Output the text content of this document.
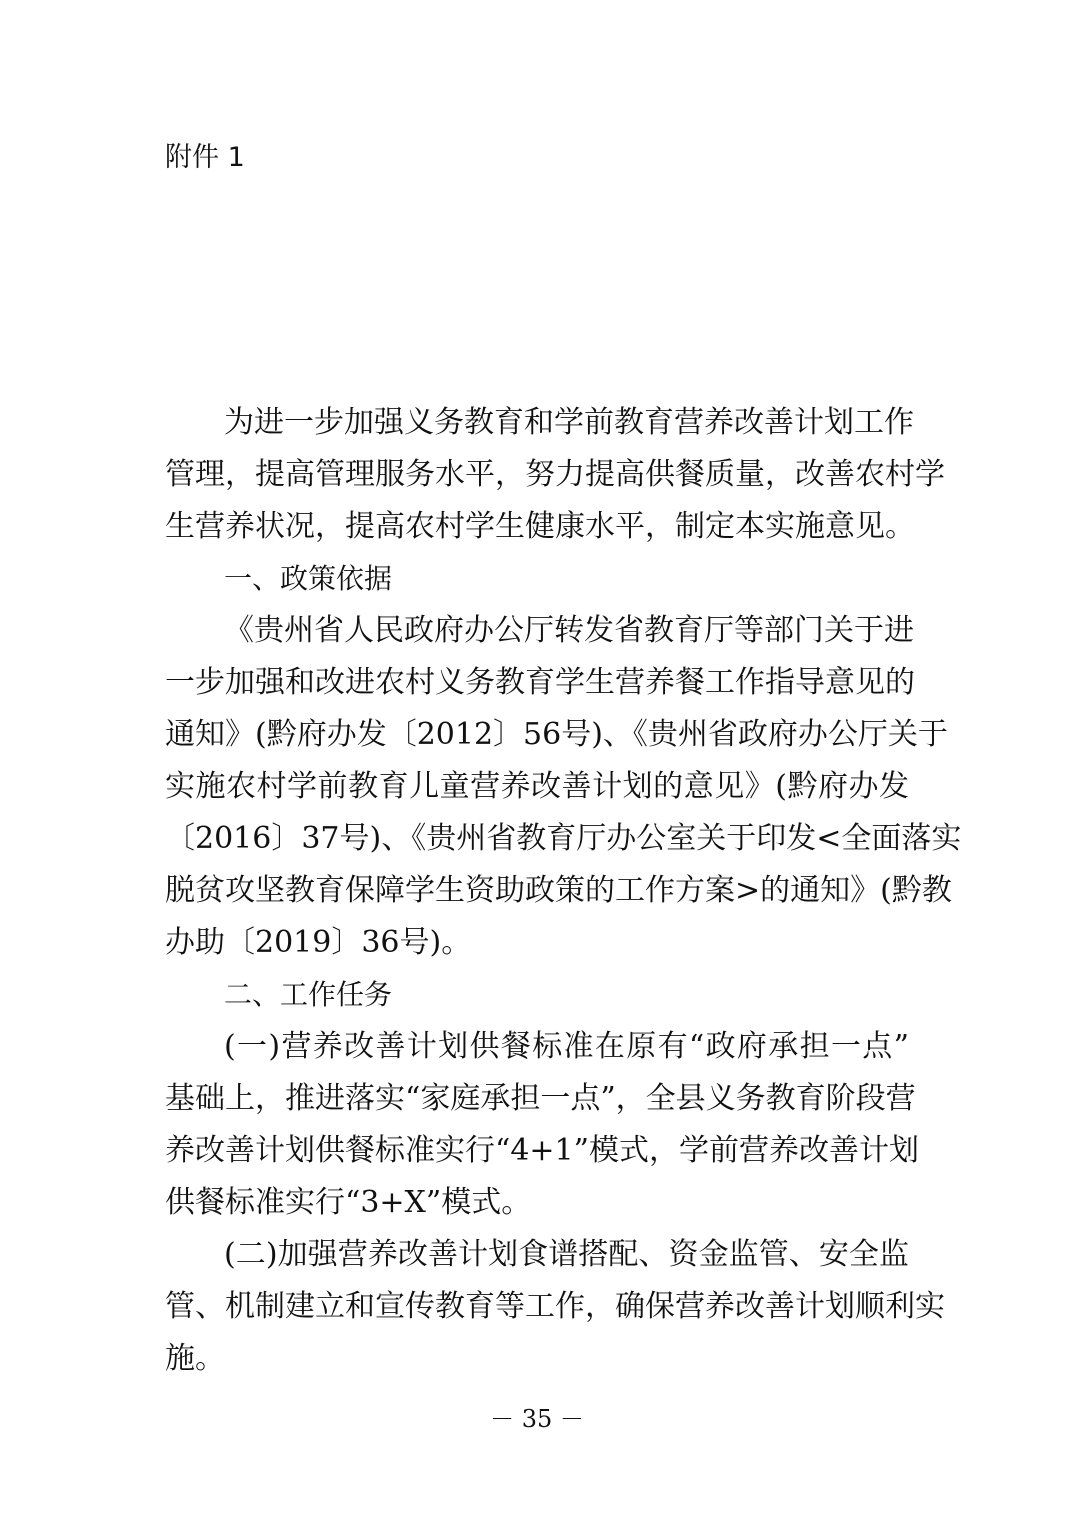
附件 1
为进一步加强义务教育和学前教育营养改善计划工作
管理，提高管理服务水平，努力提高供餐质量，改善农村学
生营养状况，提高农村学生健康水平，制定本实施意见。
一、政策依据
《贵州省人民政府办公厅转发省教育厅等部门关于进
一步加强和改进农村义务教育学生营养餐工作指导意见的
通知》(黔府办发〔2012〕56号)、《贵州省政府办公厅关于
实施农村学前教育儿童营养改善计划的意见》(黔府办发
〔2016〕37号)、《贵州省教育厅办公室关于印发<全面落实
脱贫攻坚教育保障学生资助政策的工作方案>的通知》(黔教
办助〔2019〕36号)。
二、工作任务
(一)营养改善计划供餐标准在原有“政府承担一点”
基础上，推进落实“家庭承担一点”，全县义务教育阶段营
养改善计划供餐标准实行“4+1”模式，学前营养改善计划
供餐标准实行“3+X”模式。
(二)加强营养改善计划食谱搭配、资金监管、安全监
管、机制建立和宣传教育等工作，确保营养改善计划顺利实
施。
－ 35 －
